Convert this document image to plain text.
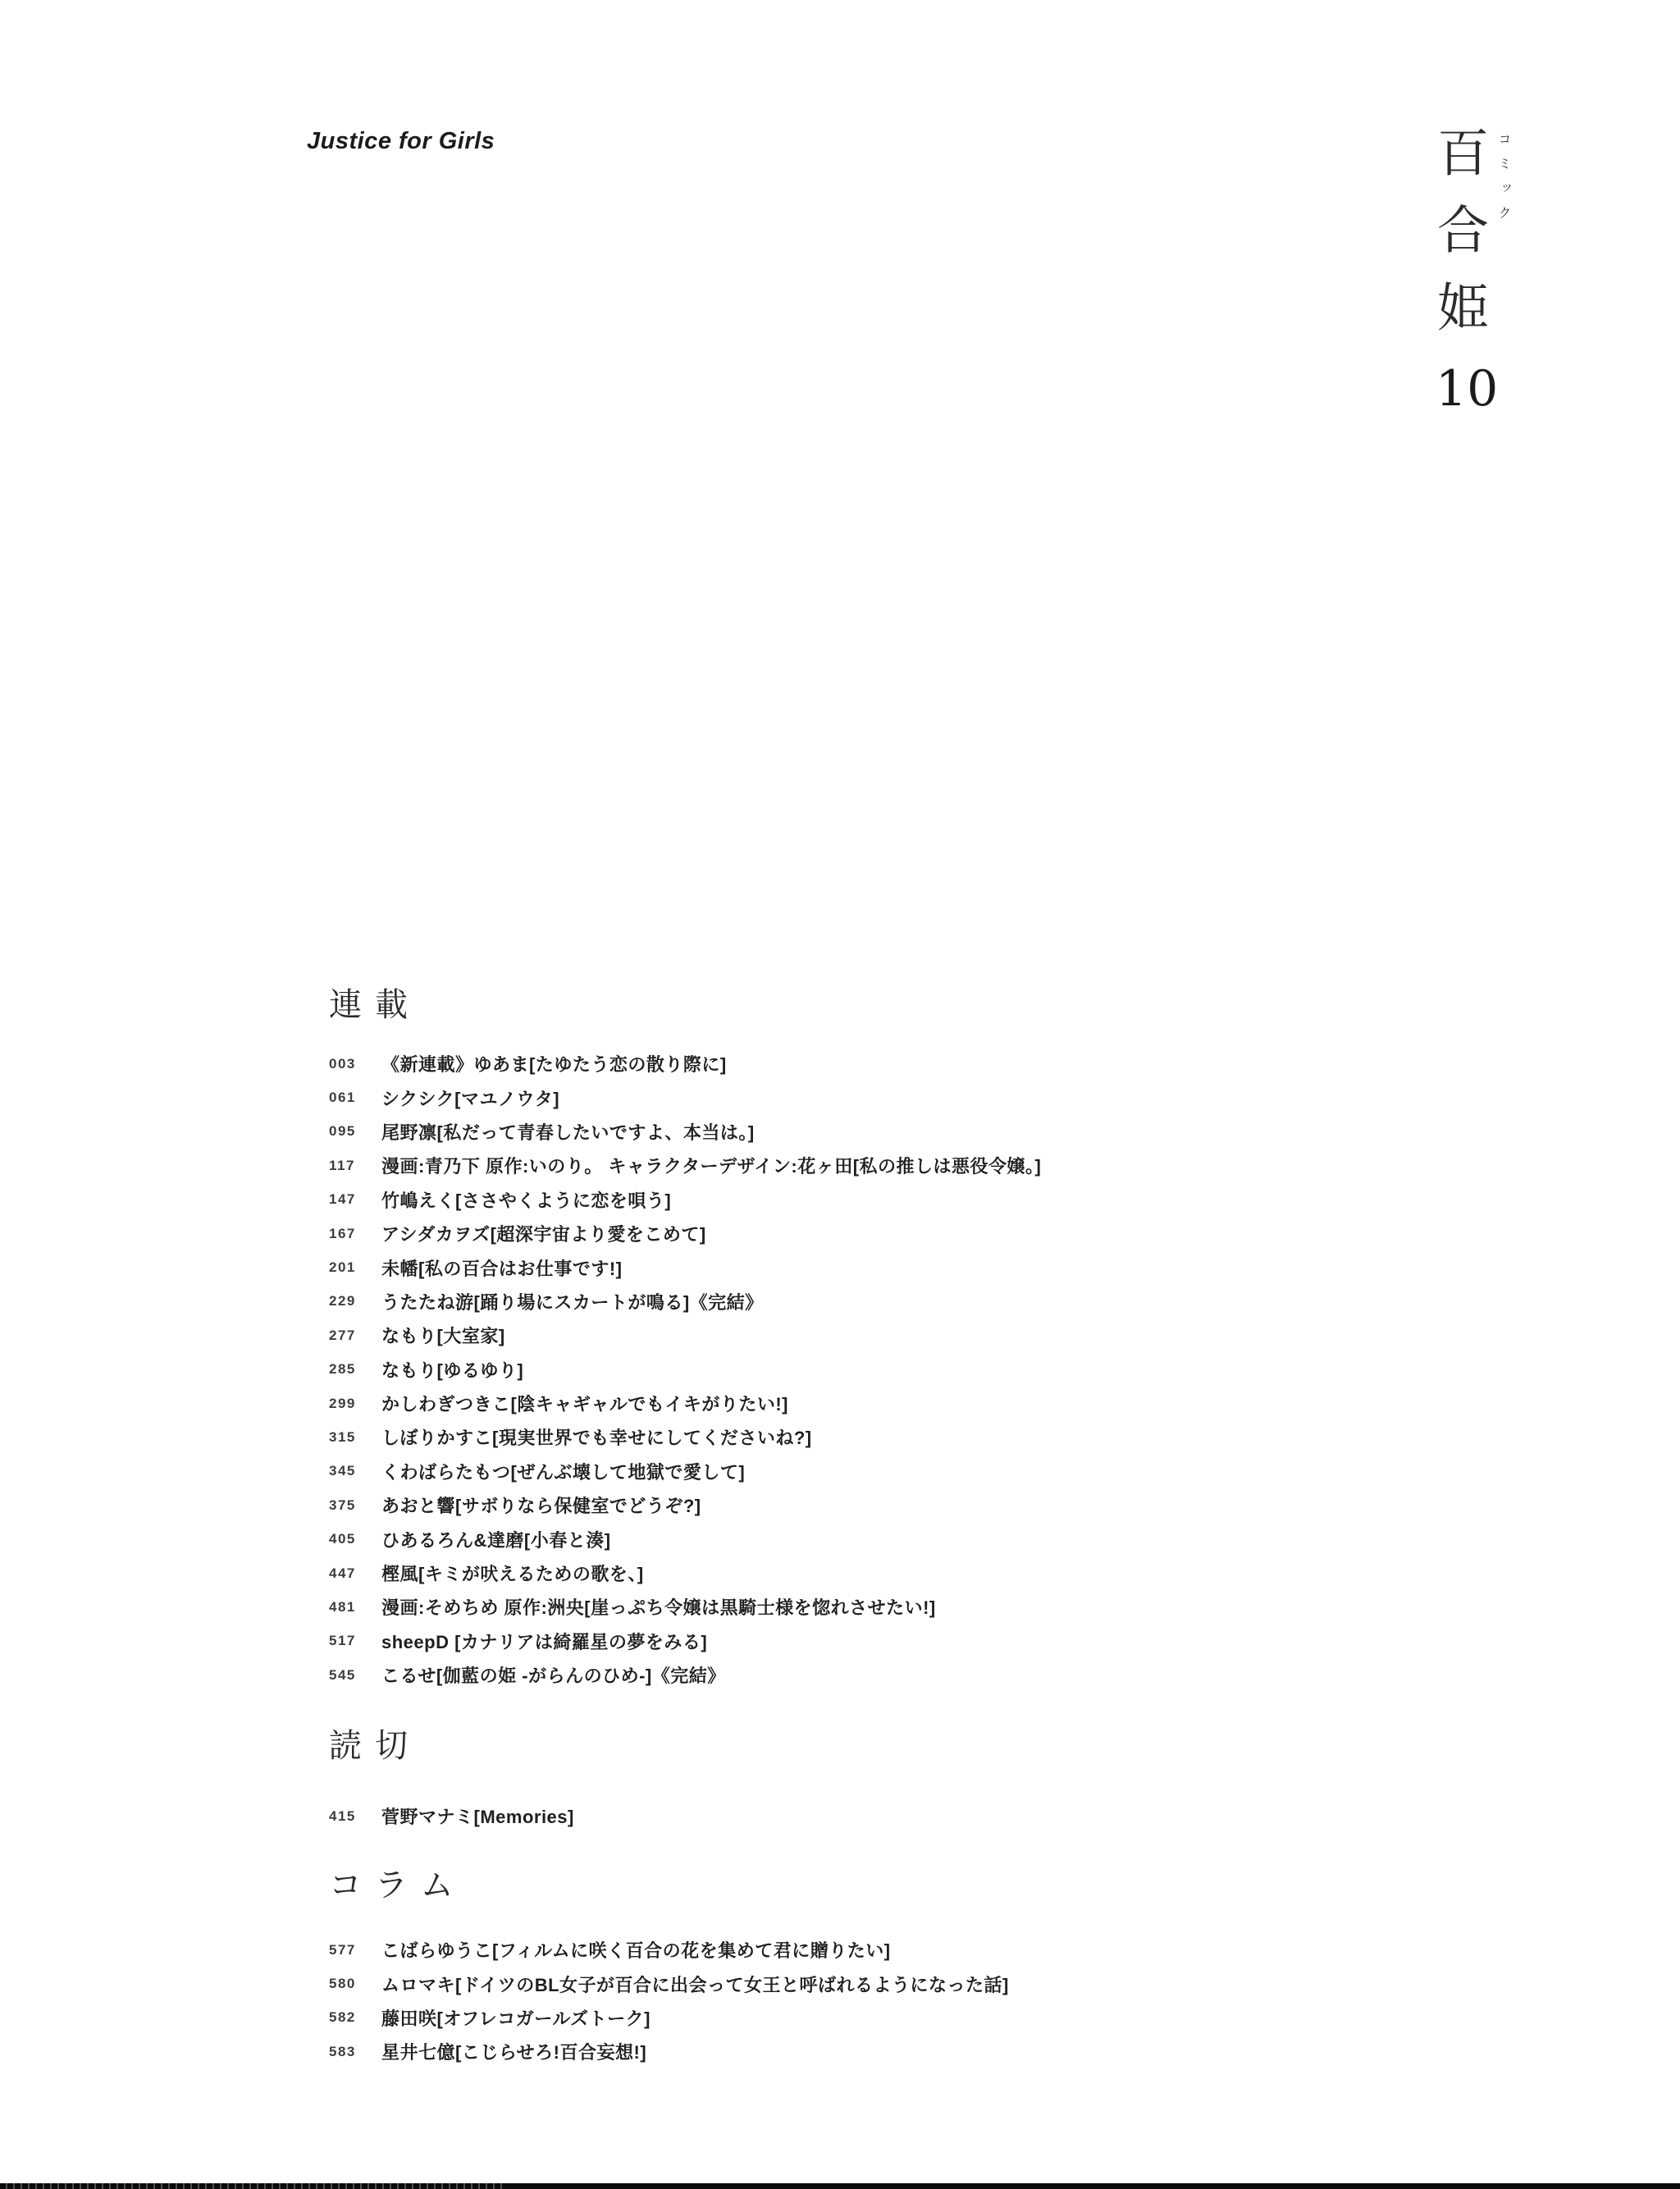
Justice for Girls	コミック
百合姫
10
連載
003	《新連載》ゆあま[たゆたう恋の散り際に]
061	シクシク[マユノウタ]
095	尾野凛[私だって青春したいですよ、本当は。]
117	漫画:青乃下 原作:いのり。 キャラクターデザイン:花ヶ田[私の推しは悪役令嬢。]
147	竹嶋えく[ささやくように恋を唄う]
167	アシダカヲズ[超深宇宙より愛をこめて]
201	未幡[私の百合はお仕事です!]
229	うたたね游[踊り場にスカートが鳴る]《完結》
277	なもり[大室家]
285	なもり[ゆるゆり]
299	かしわぎつきこ[陰キャギャルでもイキがりたい!]
315	しぼりかすこ[現実世界でも幸せにしてくださいね?]
345	くわばらたもつ[ぜんぶ壊して地獄で愛して]
375	あおと響[サボりなら保健室でどうぞ?]
405	ひあるろん&達磨[小春と湊]
447	樫風[キミが吠えるための歌を、]
481	漫画:そめちめ 原作:洲央[崖っぷち令嬢は黒騎士様を惚れさせたい!]
517	sheepD [カナリアは綺羅星の夢をみる]
545	こるせ[伽藍の姫 -がらんのひめ-]《完結》
読切
415	菅野マナミ[Memories]
コラム
577	こばらゆうこ[フィルムに咲く百合の花を集めて君に贈りたい]
580	ムロマキ[ドイツのBL女子が百合に出会って女王と呼ばれるようになった話]
582	藤田咲[オフレコガールズトーク]
583	星井七億[こじらせろ!百合妄想!]
